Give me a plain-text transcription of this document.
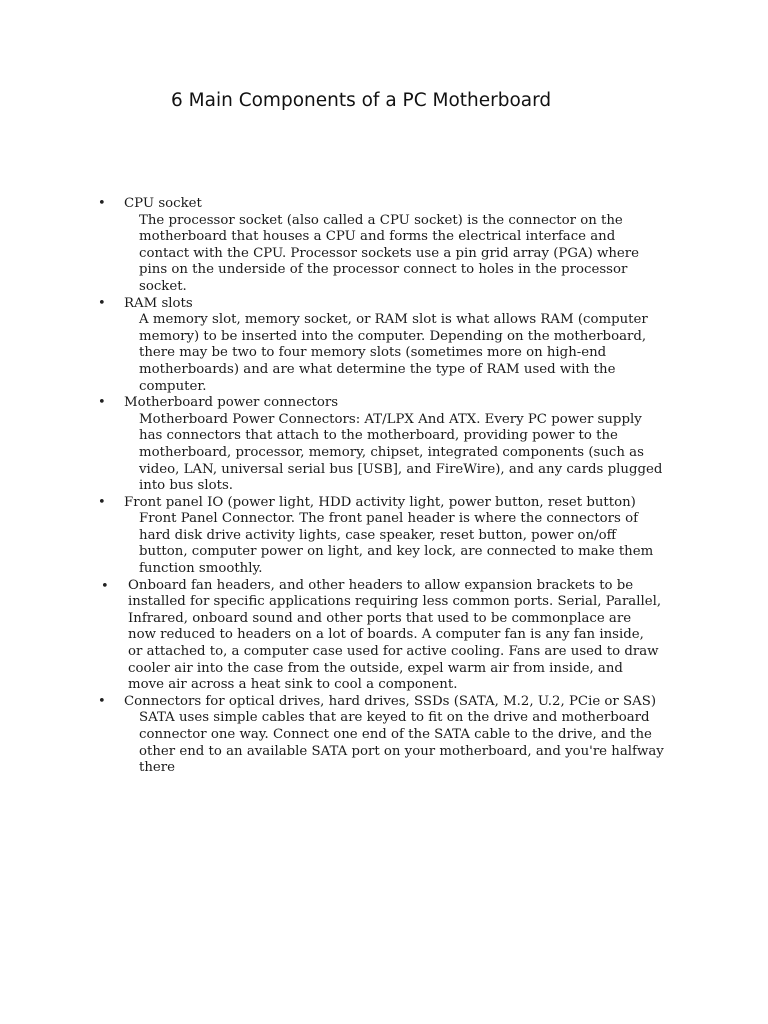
6 Main Components of a PC Motherboard
•	CPU socket
The processor socket (also called a CPU socket) is the connector on the motherboard that houses a CPU and forms the electrical interface and contact with the CPU. Processor sockets use a pin grid array (PGA) where pins on the underside of the processor connect to holes in the processor socket.
•	RAM slots
A memory slot, memory socket, or RAM slot is what allows RAM (computer memory) to be inserted into the computer. Depending on the motherboard, there may be two to four memory slots (sometimes more on high-end motherboards) and are what determine the type of RAM used with the computer.
•	Motherboard power connectors
Motherboard Power Connectors: AT/LPX And ATX. Every PC power supply has connectors that attach to the motherboard, providing power to the motherboard, processor, memory, chipset, integrated components (such as video, LAN, universal serial bus [USB], and FireWire), and any cards plugged into bus slots.
•	Front panel IO (power light, HDD activity light, power button, reset button)
Front Panel Connector. The front panel header is where the connectors of hard disk drive activity lights, case speaker, reset button, power on/off button, computer power on light, and key lock, are connected to make them function smoothly.
•	Onboard fan headers, and other headers to allow expansion brackets to be installed for specific applications requiring less common ports. Serial, Parallel, Infrared, onboard sound and other ports that used to be commonplace are now reduced to headers on a lot of boards. A computer fan is any fan inside, or attached to, a computer case used for active cooling. Fans are used to draw cooler air into the case from the outside, expel warm air from inside, and move air across a heat sink to cool a component.
•	Connectors for optical drives, hard drives, SSDs (SATA, M.2, U.2, PCie or SAS)
SATA uses simple cables that are keyed to fit on the drive and motherboard connector one way. Connect one end of the SATA cable to the drive, and the other end to an available SATA port on your motherboard, and you're halfway there
